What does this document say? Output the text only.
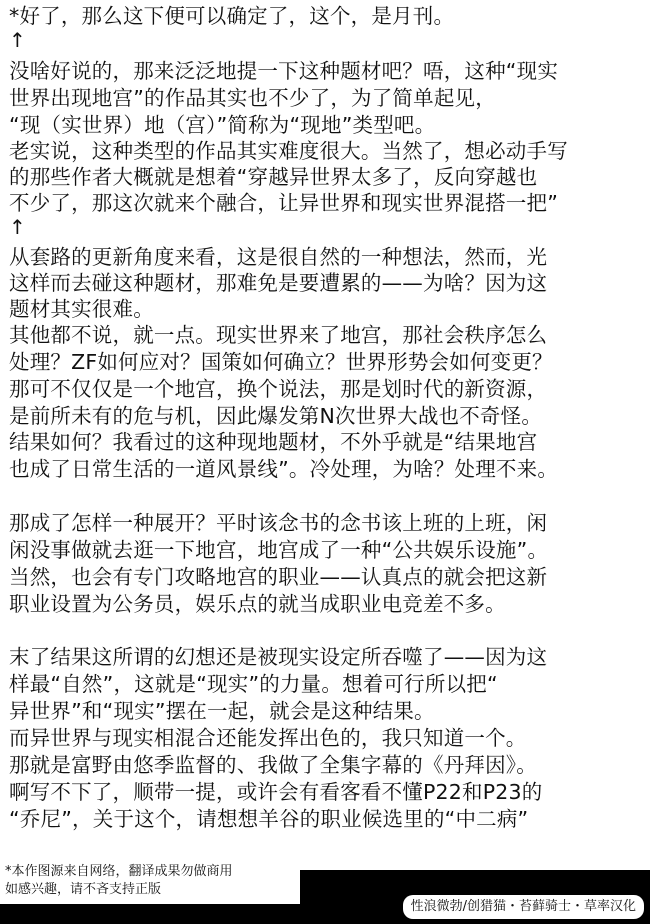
*好了，那么这下便可以确定了，这个，是月刊。
↑
没啥好说的，那来泛泛地提一下这种题材吧？唔，这种“现实
世界出现地宫”的作品其实也不少了，为了简单起见，
“现（实世界）地（宫）”简称为“现地”类型吧。
老实说，这种类型的作品其实难度很大。当然了，想必动手写
的那些作者大概就是想着“穿越异世界太多了，反向穿越也
不少了，那这次就来个融合，让异世界和现实世界混搭一把”
↑
从套路的更新角度来看，这是很自然的一种想法，然而，光
这样而去碰这种题材，那难免是要遭累的——为啥？因为这
题材其实很难。
其他都不说，就一点。现实世界来了地宫，那社会秩序怎么
处理？ZF如何应对？国策如何确立？世界形势会如何变更？
那可不仅仅是一个地宫，换个说法，那是划时代的新资源，
是前所未有的危与机，因此爆发第N次世界大战也不奇怪。
结果如何？我看过的这种现地题材，不外乎就是“结果地宫
也成了日常生活的一道风景线”。冷处理，为啥？处理不来。
那成了怎样一种展开？平时该念书的念书该上班的上班，闲
闲没事做就去逛一下地宫，地宫成了一种“公共娱乐设施”。
当然，也会有专门攻略地宫的职业——认真点的就会把这新
职业设置为公务员，娱乐点的就当成职业电竞差不多。
末了结果这所谓的幻想还是被现实设定所吞噬了——因为这
样最“自然”，这就是“现实”的力量。想着可行所以把“
异世界”和“现实”摆在一起，就会是这种结果。
而异世界与现实相混合还能发挥出色的，我只知道一个。
那就是富野由悠季监督的、我做了全集字幕的《丹拜因》。
啊写不下了，顺带一提，或许会有看客看不懂P22和P23的
“乔尼”，关于这个，请想想羊谷的职业候选里的“中二病”
*本作图源来自网络，翻译成果勿做商用
如感兴趣，请不吝支持正版
性浪微勃/创猎猫・苔藓骑士・草率汉化
